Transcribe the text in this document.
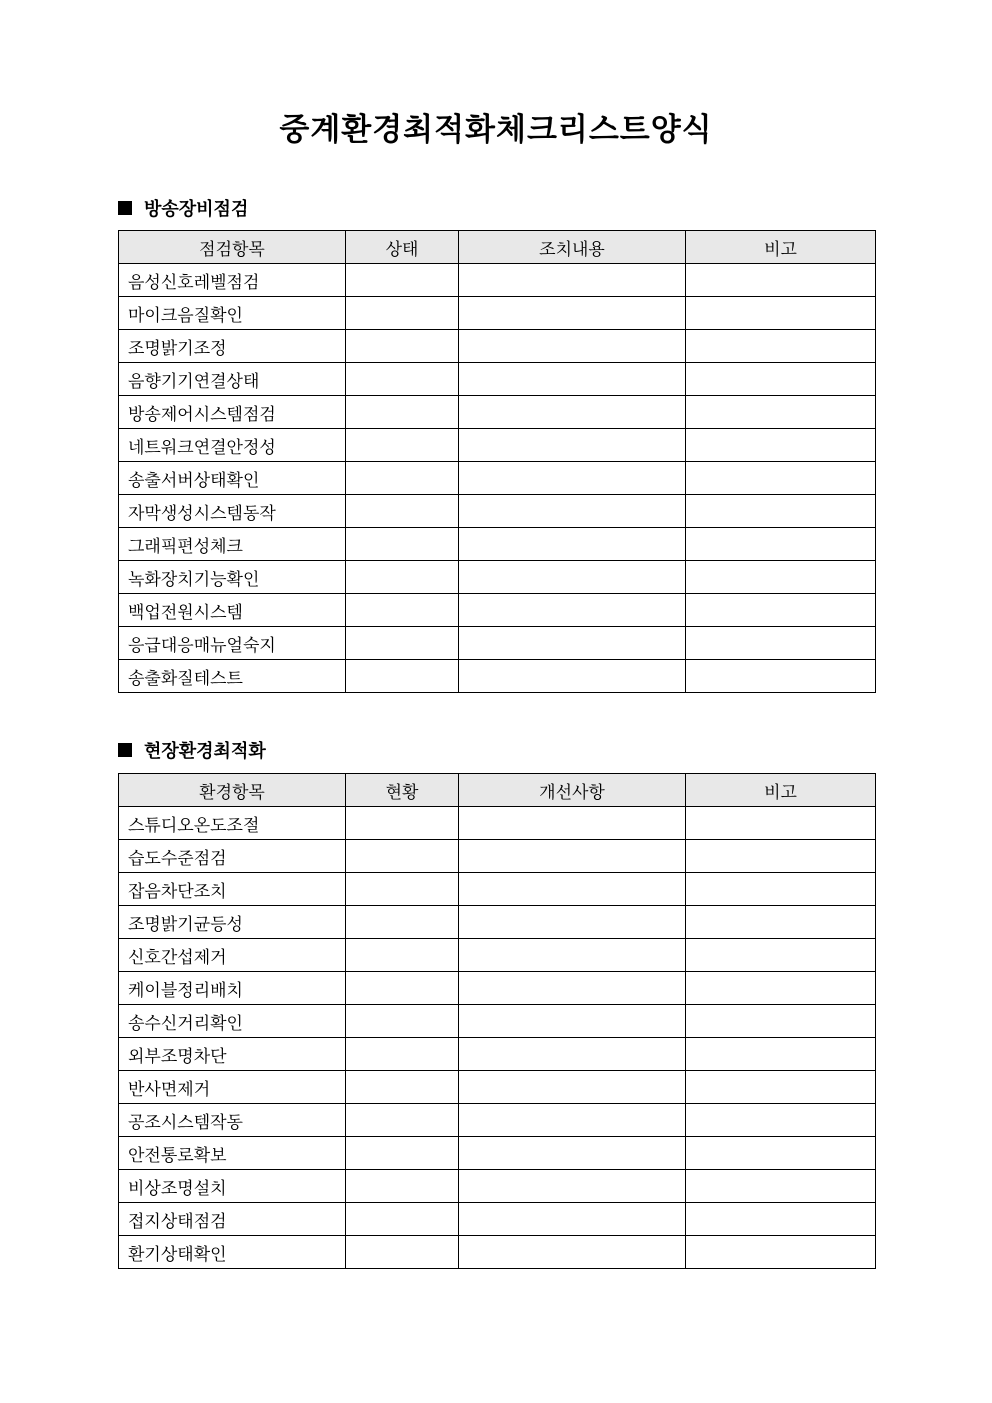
중계환경최적화체크리스트양식
방송장비점검
점검항목	상태	조치내용	비고
음성신호레벨점검			
마이크음질확인			
조명밝기조정			
음향기기연결상태			
방송제어시스템점검			
네트워크연결안정성			
송출서버상태확인			
자막생성시스템동작			
그래픽편성체크			
녹화장치기능확인			
백업전원시스템			
응급대응매뉴얼숙지			
송출화질테스트			
현장환경최적화
환경항목	현황	개선사항	비고
스튜디오온도조절			
습도수준점검			
잡음차단조치			
조명밝기균등성			
신호간섭제거			
케이블정리배치			
송수신거리확인			
외부조명차단			
반사면제거			
공조시스템작동			
안전통로확보			
비상조명설치			
접지상태점검			
환기상태확인			
